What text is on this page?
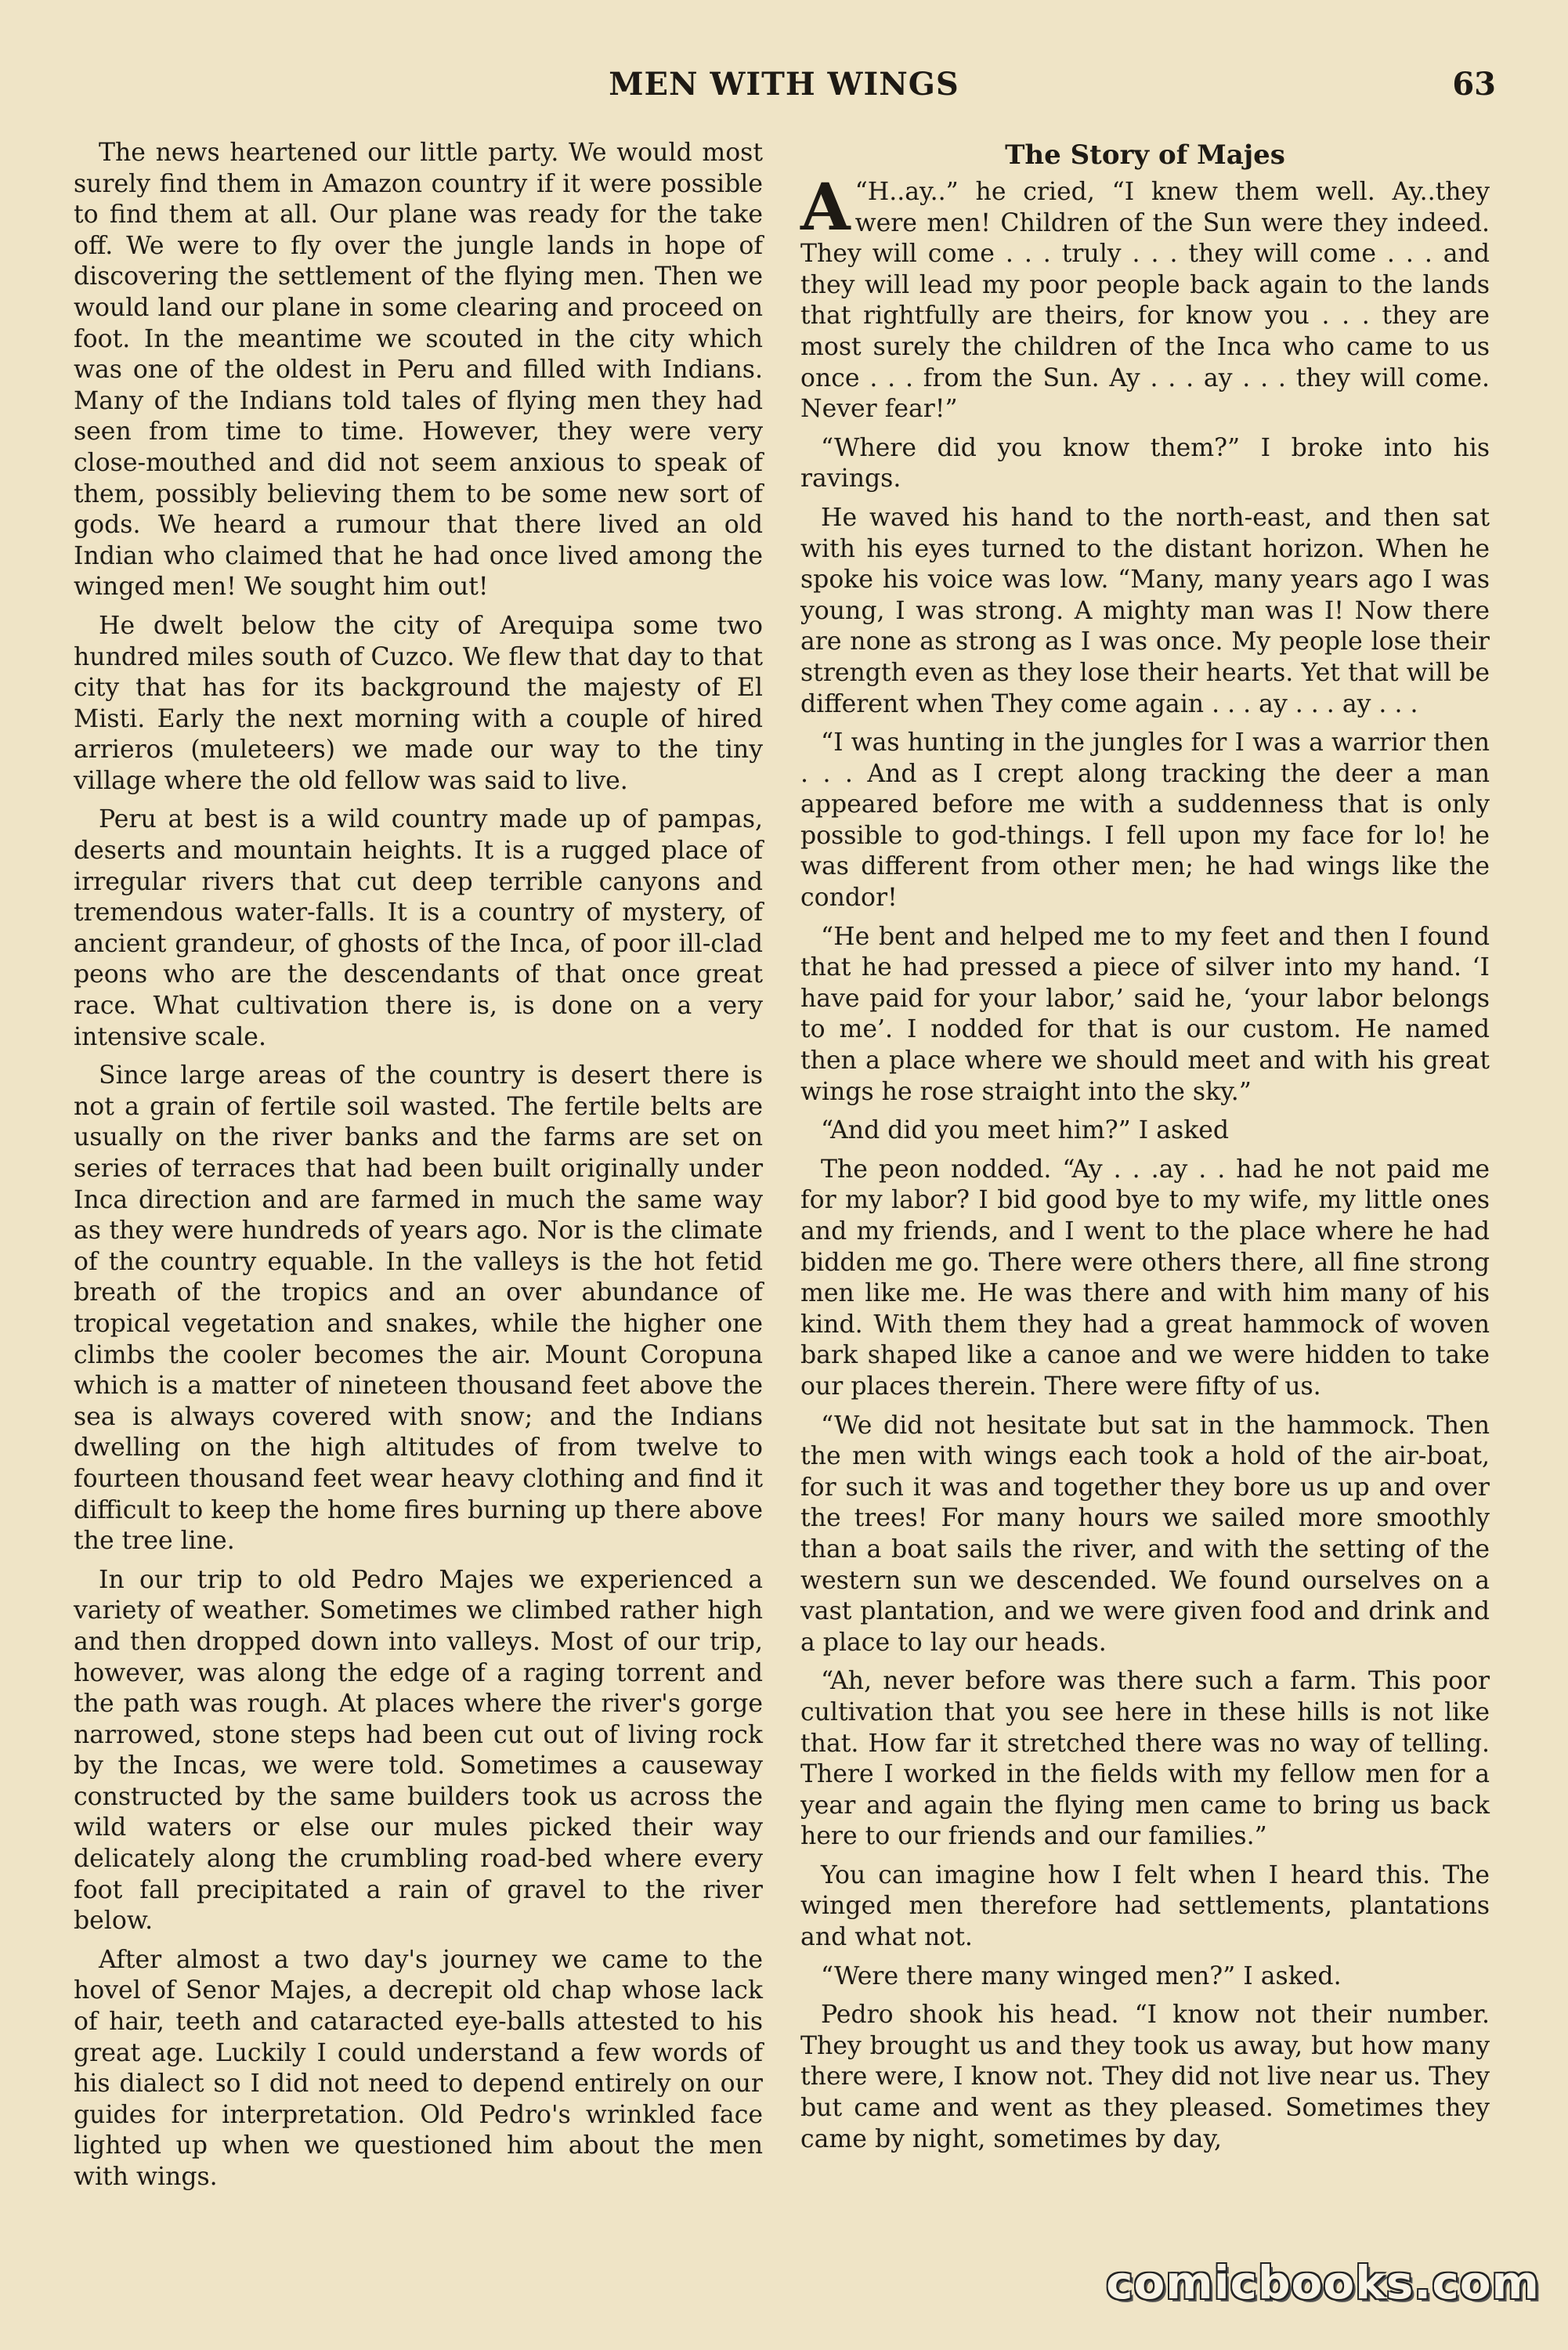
MEN WITH WINGS	63

The news heartened our little party. We would most surely find them in Amazon country if it were possible to find them at all. Our plane was ready for the take off. We were to fly over the jungle lands in hope of discovering the settlement of the flying men. Then we would land our plane in some clearing and proceed on foot. In the meantime we scouted in the city which was one of the oldest in Peru and filled with Indians. Many of the Indians told tales of flying men they had seen from time to time. However, they were very close-mouthed and did not seem anxious to speak of them, possibly believing them to be some new sort of gods. We heard a rumour that there lived an old Indian who claimed that he had once lived among the winged men! We sought him out!

He dwelt below the city of Arequipa some two hundred miles south of Cuzco. We flew that day to that city that has for its background the majesty of El Misti. Early the next morning with a couple of hired arrieros (muleteers) we made our way to the tiny village where the old fellow was said to live.

Peru at best is a wild country made up of pampas, deserts and mountain heights. It is a rugged place of irregular rivers that cut deep terrible canyons and tremendous water-falls. It is a country of mystery, of ancient grandeur, of ghosts of the Inca, of poor ill-clad peons who are the descendants of that once great race. What cultivation there is, is done on a very intensive scale.

Since large areas of the country is desert there is not a grain of fertile soil wasted. The fertile belts are usually on the river banks and the farms are set on series of terraces that had been built originally under Inca direction and are farmed in much the same way as they were hundreds of years ago. Nor is the climate of the country equable. In the valleys is the hot fetid breath of the tropics and an over abundance of tropical vegetation and snakes, while the higher one climbs the cooler becomes the air. Mount Coropuna which is a matter of nineteen thousand feet above the sea is always covered with snow; and the Indians dwelling on the high altitudes of from twelve to fourteen thousand feet wear heavy clothing and find it difficult to keep the home fires burning up there above the tree line.

In our trip to old Pedro Majes we experienced a variety of weather. Sometimes we climbed rather high and then dropped down into valleys. Most of our trip, however, was along the edge of a raging torrent and the path was rough. At places where the river's gorge narrowed, stone steps had been cut out of living rock by the Incas, we were told. Sometimes a causeway constructed by the same builders took us across the wild waters or else our mules picked their way delicately along the crumbling road-bed where every foot fall precipitated a rain of gravel to the river below.

After almost a two day's journey we came to the hovel of Senor Majes, a decrepit old chap whose lack of hair, teeth and cataracted eye-balls attested to his great age. Luckily I could understand a few words of his dialect so I did not need to depend entirely on our guides for interpretation. Old Pedro's wrinkled face lighted up when we questioned him about the men with wings.

The Story of Majes

“
A H..ay..” he cried, “I knew them well. Ay..they were men! Children of the Sun were they indeed. They will come . . . truly . . . they will come . . . and they will lead my poor people back again to the lands that rightfully are theirs, for know you . . . they are most surely the children of the Inca who came to us once . . . from the Sun. Ay . . . ay . . . they will come. Never fear!”

“Where did you know them?” I broke into his ravings.

He waved his hand to the north-east, and then sat with his eyes turned to the distant horizon. When he spoke his voice was low. “Many, many years ago I was young, I was strong. A mighty man was I! Now there are none as strong as I was once. My people lose their strength even as they lose their hearts. Yet that will be different when They come again . . . ay . . . ay . . .

“I was hunting in the jungles for I was a warrior then . . . And as I crept along tracking the deer a man appeared before me with a suddenness that is only possible to god-things. I fell upon my face for lo! he was different from other men; he had wings like the condor!

“He bent and helped me to my feet and then I found that he had pressed a piece of silver into my hand. ‘I have paid for your labor,’ said he, ‘your labor belongs to me’. I nodded for that is our custom. He named then a place where we should meet and with his great wings he rose straight into the sky.”

“And did you meet him?” I asked

The peon nodded. “Ay . . .ay . . had he not paid me for my labor? I bid good bye to my wife, my little ones and my friends, and I went to the place where he had bidden me go. There were others there, all fine strong men like me. He was there and with him many of his kind. With them they had a great hammock of woven bark shaped like a canoe and we were hidden to take our places therein. There were fifty of us.

“We did not hesitate but sat in the hammock. Then the men with wings each took a hold of the air-boat, for such it was and together they bore us up and over the trees! For many hours we sailed more smoothly than a boat sails the river, and with the setting of the western sun we descended. We found ourselves on a vast plantation, and we were given food and drink and a place to lay our heads.

“Ah, never before was there such a farm. This poor cultivation that you see here in these hills is not like that. How far it stretched there was no way of telling. There I worked in the fields with my fellow men for a year and again the flying men came to bring us back here to our friends and our families.”

You can imagine how I felt when I heard this. The winged men therefore had settlements, plantations and what not.

“Were there many winged men?” I asked.

Pedro shook his head. “I know not their number. They brought us and they took us away, but how many there were, I know not. They did not live near us. They but came and went as they pleased. Sometimes they came by night, sometimes by day,

comicbooks.com
